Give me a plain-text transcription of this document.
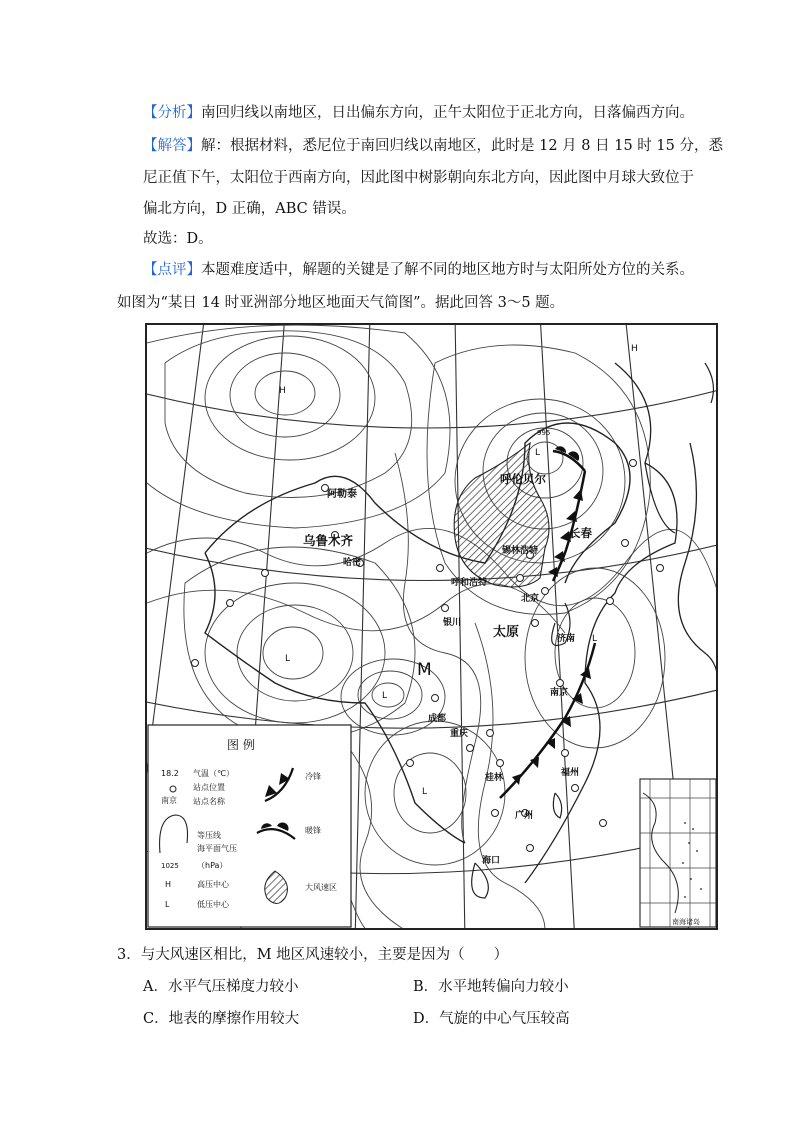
【分析】南回归线以南地区，日出偏东方向，正午太阳位于正北方向，日落偏西方向。
【解答】解：根据材料，悉尼位于南回归线以南地区，此时是 12 月 8 日 15 时 15 分，悉
尼正值下午，太阳位于西南方向，因此图中树影朝向东北方向，因此图中月球大致位于
偏北方向，D 正确，ABC 错误。
故选：D。
【点评】本题难度适中，解题的关键是了解不同的地区地方时与太阳所处方位的关系。
如图为“某日 14 时亚洲部分地区地面天气简图”。据此回答 3～5 题。
呼伦贝尔
阿勒泰
乌鲁木齐
哈密
锡林浩特
长春
呼和浩特
北京
银川
太原	济南
南京
成都
重庆
福州
桂林
广州
海口
M
995
H
H
L
L
L
L
L
图 例
18.2
南京
气温（℃）
站点位置
站点名称
等压线
海平面气压
1025 （hPa）
H	高压中心
L	低压中心
冷锋
暖锋
大风速区
南海诸岛
3．与大风速区相比，M 地区风速较小，主要是因为（　　）
A．水平气压梯度力较小	B．水平地转偏向力较小
C．地表的摩擦作用较大	D．气旋的中心气压较高
